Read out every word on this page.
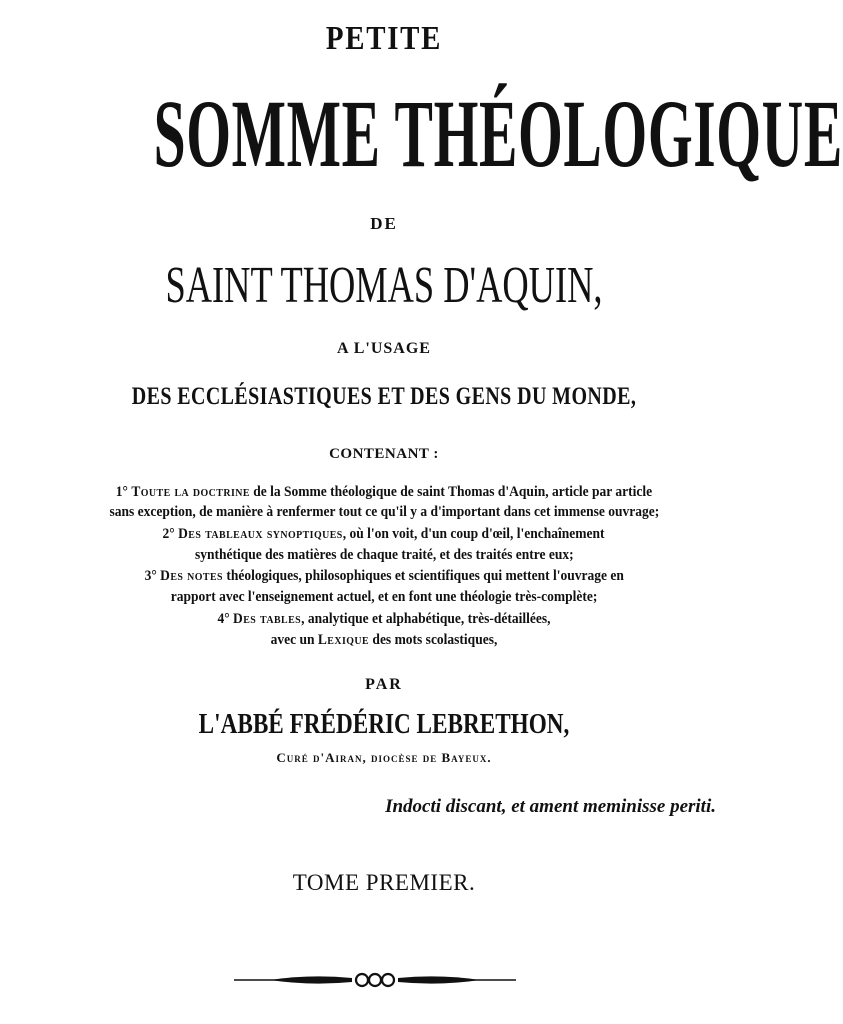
PETITE
SOMME THÉOLOGIQUE
DE
SAINT THOMAS D'AQUIN,
A L'USAGE
DES ECCLÉSIASTIQUES ET DES GENS DU MONDE,
CONTENANT :
1° Toute la doctrine de la Somme théologique de saint Thomas d'Aquin, article par article
sans exception, de manière à renfermer tout ce qu'il y a d'important dans cet immense ouvrage;
2° Des tableaux synoptiques, où l'on voit, d'un coup d'œil, l'enchaînement
synthétique des matières de chaque traité, et des traités entre eux;
3° Des notes théologiques, philosophiques et scientifiques qui mettent l'ouvrage en
rapport avec l'enseignement actuel, et en font une théologie très-complète;
4° Des tables, analytique et alphabétique, très-détaillées,
avec un Lexique des mots scolastiques,
PAR
L'ABBÉ FRÉDÉRIC LEBRETHON,
Curé d'Airan, diocèse de Bayeux.
Indocti discant, et ament meminisse periti.
TOME PREMIER.
